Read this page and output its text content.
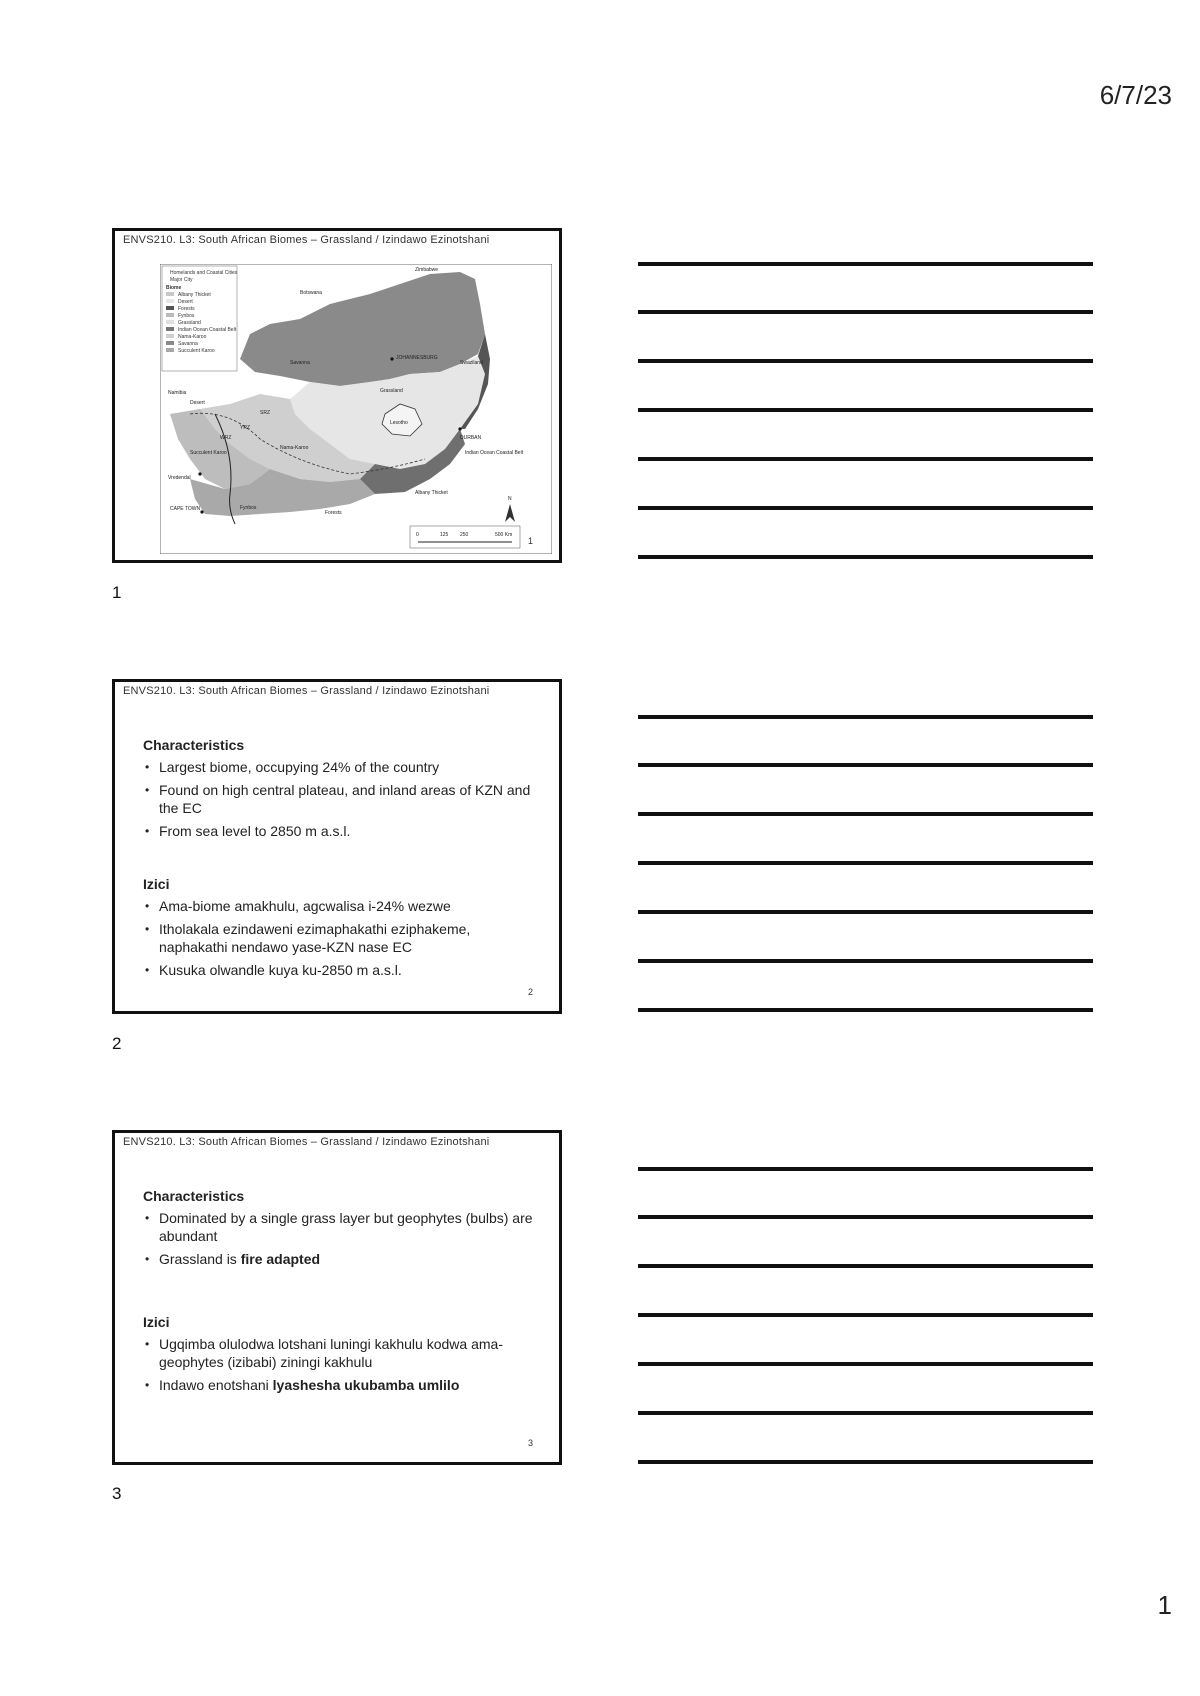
6/7/23
ENVS210. L3: South African Biomes – Grassland / Izindawo Ezinotshani
Homelands and Coastal Cities
Major City
Biome
Albany Thicket
Desert
Forests
Fynbos
Grassland
Indian Ocean Coastal Belt
Nama-Karoo
Savanna
Succulent Karoo
Botswana
Namibia
Zimbabwe
JOHANNESBURG
DURBAN
CAPE TOWN
Lesotho
Swaziland
Grassland
Nama-Karoo
Savanna
Albany Thicket
Indian Ocean Coastal Belt
Succulent Karoo
Vredendal
Fynbos
Forests
Desert
WRZ
YRZ
SRZ
N
0	125 250	500 Km
1
1
ENVS210. L3: South African Biomes – Grassland / Izindawo Ezinotshani
Characteristics
• Largest biome, occupying 24% of the country
• Found on high central plateau, and inland areas of KZN and the EC
• From sea level to 2850 m a.s.l.
Izici
• Ama-biome amakhulu, agcwalisa i-24% wezwe
• Itholakala ezindaweni ezimaphakathi eziphakeme, naphakathi nendawo yase-KZN nase EC
• Kusuka olwandle kuya ku-2850 m a.s.l.
2
2
ENVS210. L3: South African Biomes – Grassland / Izindawo Ezinotshani
Characteristics
• Dominated by a single grass layer but geophytes (bulbs) are abundant
• Grassland is fire adapted
Izici
• Ugqimba olulodwa lotshani luningi kakhulu kodwa ama-geophytes (izibabi) ziningi kakhulu
• Indawo enotshani lyashesha ukubamba umlilo
3
3
1
